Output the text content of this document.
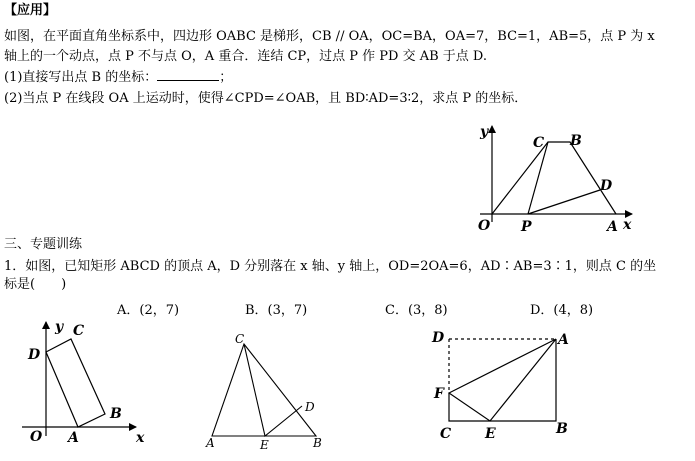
【应用】
如图，在平面直角坐标系中，四边形 OABC 是梯形，CB // OA，OC=BA，OA=7，BC=1，AB=5，点 P 为 x
轴上的一个动点，点 P 不与点 O，A 重合．连结 CP，过点 P 作 PD 交 AB 于点 D.
(1)直接写出点 B 的坐标：	；
(2)当点 P 在线段 OA 上运动时，使得∠CPD=∠OAB，且 BD∶AD=3∶2，求点 P 的坐标．
三、专题训练
1．如图，已知矩形 ABCD 的顶点 A，D 分别落在 x 轴、y 轴上，OD=2OA=6，AD∶AB=3∶1，则点 C 的坐
标是(　　)
A．(2，7)	B．(3，7)	C．(3，8)	D．(4，8)
y
x
O P	A
B
C
D
y
x
O A
B
C
D
A	B
C
D
E
A
B
C
D
E
F
